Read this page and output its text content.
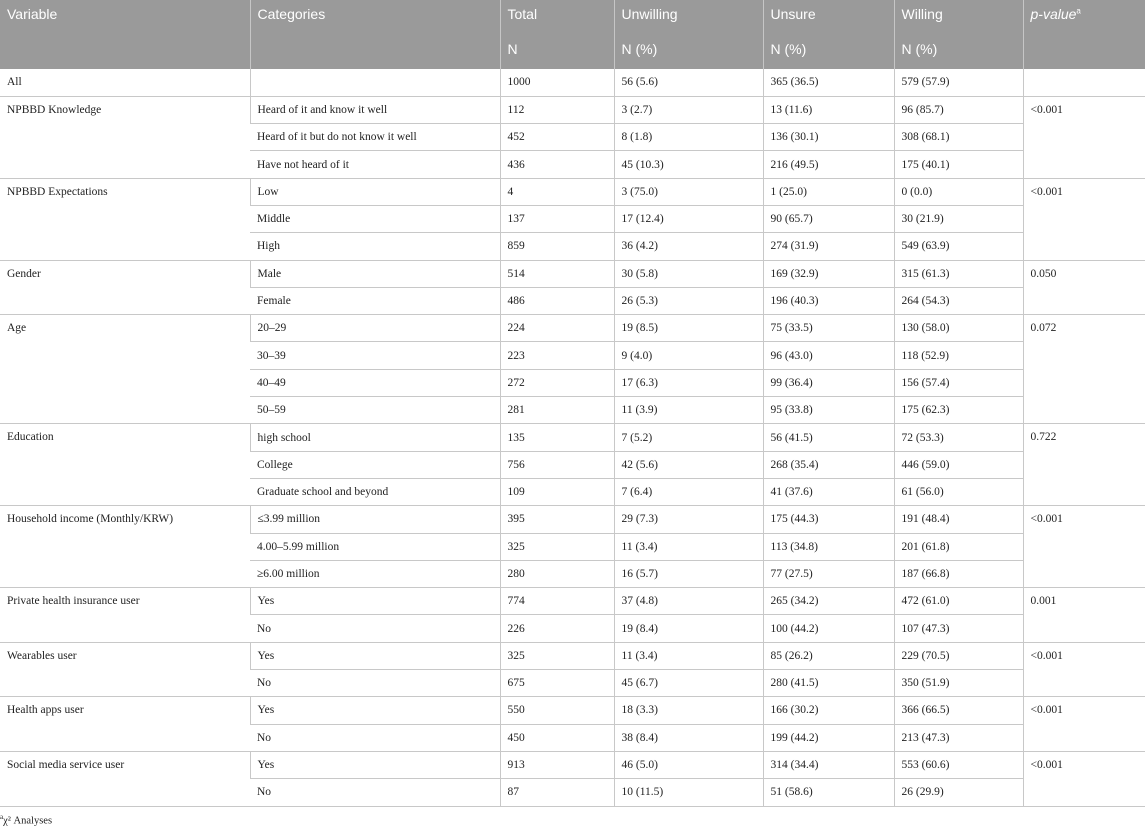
Variable	Categories	Total	Unwilling	Unsure	Willing	p-value$^a$
		N	N (%)	N (%)	N (%)	
All		1000	56 (5.6)	365 (36.5)	579 (57.9)	
NPBBD Knowledge	Heard of it and know it well	112	3 (2.7)	13 (11.6)	96 (85.7)	<0.001
	Heard of it but do not know it well	452	8 (1.8)	136 (30.1)	308 (68.1)	
	Have not heard of it	436	45 (10.3)	216 (49.5)	175 (40.1)	
NPBBD Expectations	Low	4	3 (75.0)	1 (25.0)	0 (0.0)	<0.001
	Middle	137	17 (12.4)	90 (65.7)	30 (21.9)	
	High	859	36 (4.2)	274 (31.9)	549 (63.9)	
Gender	Male	514	30 (5.8)	169 (32.9)	315 (61.3)	0.050
	Female	486	26 (5.3)	196 (40.3)	264 (54.3)	
Age	20–29	224	19 (8.5)	75 (33.5)	130 (58.0)	0.072
	30–39	223	9 (4.0)	96 (43.0)	118 (52.9)	
	40–49	272	17 (6.3)	99 (36.4)	156 (57.4)	
	50–59	281	11 (3.9)	95 (33.8)	175 (62.3)	
Education	high school	135	7 (5.2)	56 (41.5)	72 (53.3)	0.722
	College	756	42 (5.6)	268 (35.4)	446 (59.0)	
	Graduate school and beyond	109	7 (6.4)	41 (37.6)	61 (56.0)	
Household income (Monthly/KRW)	≤3.99 million	395	29 (7.3)	175 (44.3)	191 (48.4)	<0.001
	4.00–5.99 million	325	11 (3.4)	113 (34.8)	201 (61.8)	
	≥6.00 million	280	16 (5.7)	77 (27.5)	187 (66.8)	
Private health insurance user	Yes	774	37 (4.8)	265 (34.2)	472 (61.0)	0.001
	No	226	19 (8.4)	100 (44.2)	107 (47.3)	
Wearables user	Yes	325	11 (3.4)	85 (26.2)	229 (70.5)	<0.001
	No	675	45 (6.7)	280 (41.5)	350 (51.9)	
Health apps user	Yes	550	18 (3.3)	166 (30.2)	366 (66.5)	<0.001
	No	450	38 (8.4)	199 (44.2)	213 (47.3)	
Social media service user	Yes	913	46 (5.0)	314 (34.4)	553 (60.6)	<0.001
	No	87	10 (11.5)	51 (58.6)	26 (29.9)	

$^a$χ² Analyses
